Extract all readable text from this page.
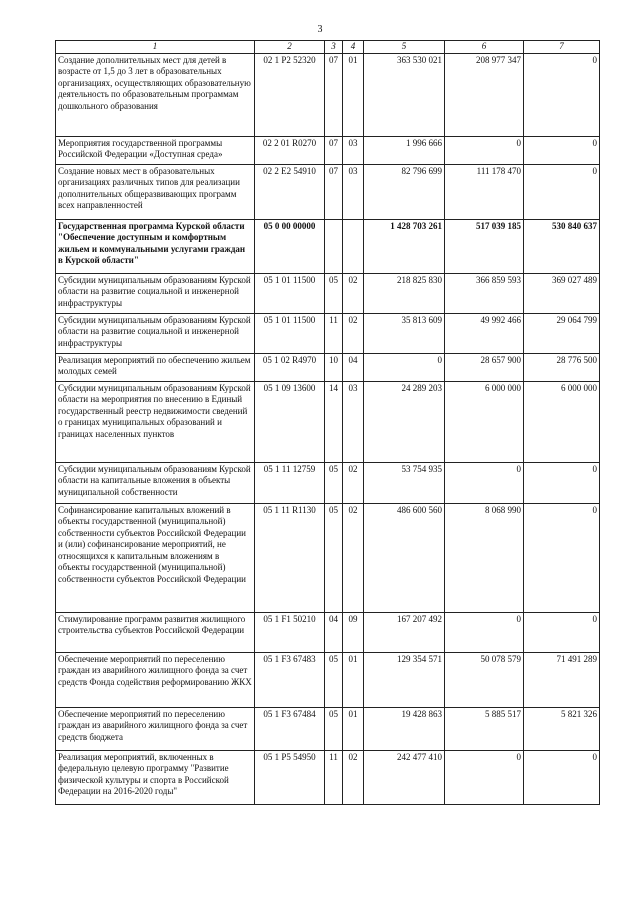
3
1	2	3	4	5	6	7
Создание дополнительных мест для детей в возрасте от 1,5 до 3 лет в образовательных организациях, осуществляющих образовательную деятельность по образовательным программам дошкольного образования	02 1 P2 52320	07	01	363 530 021	208 977 347	0
Мероприятия государственной программы Российской Федерации «Доступная среда»	02 2 01 R0270	07	03	1 996 666	0	0
Создание новых мест в образовательных организациях различных типов для реализации дополнительных общеразвивающих программ всех направленностей	02 2 E2 54910	07	03	82 796 699	111 178 470	0
Государственная программа Курской области "Обеспечение доступным и комфортным жильем и коммунальными услугами граждан в Курской области"	05 0 00 00000			1 428 703 261	517 039 185	530 840 637
Субсидии муниципальным образованиям Курской области на развитие социальной и инженерной инфраструктуры	05 1 01 11500	05	02	218 825 830	366 859 593	369 027 489
Субсидии муниципальным образованиям Курской области на развитие социальной и инженерной инфраструктуры	05 1 01 11500	11	02	35 813 609	49 992 466	29 064 799
Реализация мероприятий по обеспечению жильем молодых семей	05 1 02 R4970	10	04	0	28 657 900	28 776 500
Субсидии муниципальным образованиям Курской области на мероприятия по внесению в Единый государственный реестр недвижимости сведений о границах муниципальных образований и границах населенных пунктов	05 1 09 13600	14	03	24 289 203	6 000 000	6 000 000
Субсидии муниципальным образованиям Курской области на капитальные вложения в объекты муниципальной собственности	05 1 11 12759	05	02	53 754 935	0	0
Софинансирование капитальных вложений в объекты государственной (муниципальной) собственности субъектов Российской Федерации и (или) софинансирование мероприятий, не относящихся к капитальным вложениям в объекты государственной (муниципальной) собственности субъектов Российской Федерации	05 1 11 R1130	05	02	486 600 560	8 068 990	0
Стимулирование программ развития жилищного строительства субъектов Российской Федерации	05 1 F1 50210	04	09	167 207 492	0	0
Обеспечение мероприятий по переселению граждан из аварийного жилищного фонда за счет средств Фонда содействия реформированию ЖКХ	05 1 F3 67483	05	01	129 354 571	50 078 579	71 491 289
Обеспечение мероприятий по переселению граждан из аварийного жилищного фонда за счет средств бюджета	05 1 F3 67484	05	01	19 428 863	5 885 517	5 821 326
Реализация мероприятий, включенных в федеральную целевую программу "Развитие физической культуры и спорта в Российской Федерации на 2016-2020 годы"	05 1 P5 54950	11	02	242 477 410	0	0
